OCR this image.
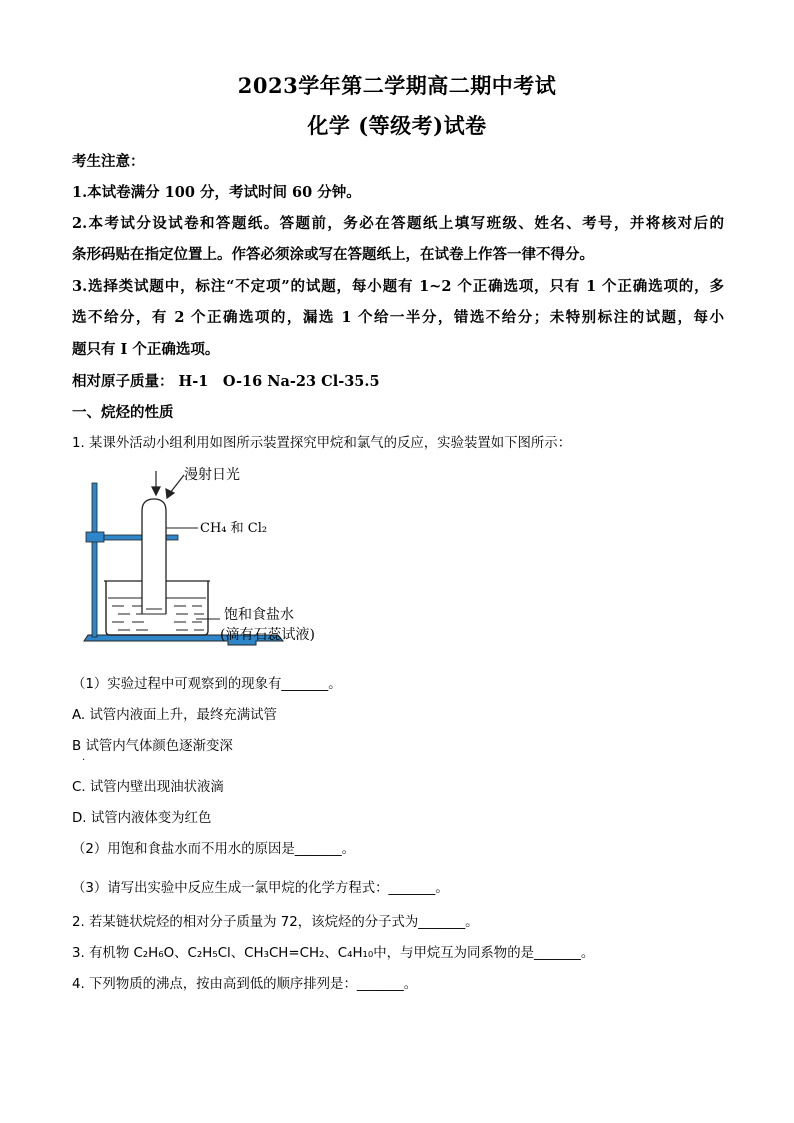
2023学年第二学期高二期中考试
化学 (等级考)试卷
考生注意：
1.本试卷满分 100 分，考试时间 60 分钟。
2.本考试分设试卷和答题纸。答题前，务必在答题纸上填写班级、姓名、考号，并将核对后的
条形码贴在指定位置上。作答必须涂或写在答题纸上，在试卷上作答一律不得分。
3.选择类试题中，标注“不定项”的试题，每小题有 1~2 个正确选项，只有 1 个正确选项的，多
选不给分，有 2 个正确选项的，漏选 1 个给一半分，错选不给分；未特别标注的试题，每小
题只有 I 个正确选项。
相对原子质量： H-1　O-16 Na-23 Cl-35.5
一、烷烃的性质
1. 某课外活动小组利用如图所示装置探究甲烷和氯气的反应，实验装置如下图所示：
漫射日光
CH₄ 和 Cl₂
饱和食盐水
(滴有石蕊试液)
（1）实验过程中可观察到的现象有_______。
A. 试管内液面上升，最终充满试管
B 试管内气体颜色逐渐变深
.
C. 试管内壁出现油状液滴
D. 试管内液体变为红色
（2）用饱和食盐水而不用水的原因是_______。
（3）请写出实验中反应生成一氯甲烷的化学方程式：_______。
2. 若某链状烷烃的相对分子质量为 72，该烷烃的分子式为_______。
3. 有机物 C₂H₆O、C₂H₅Cl、CH₃CH=CH₂、C₄H₁₀中，与甲烷互为同系物的是_______。
4. 下列物质的沸点，按由高到低的顺序排列是：_______。
